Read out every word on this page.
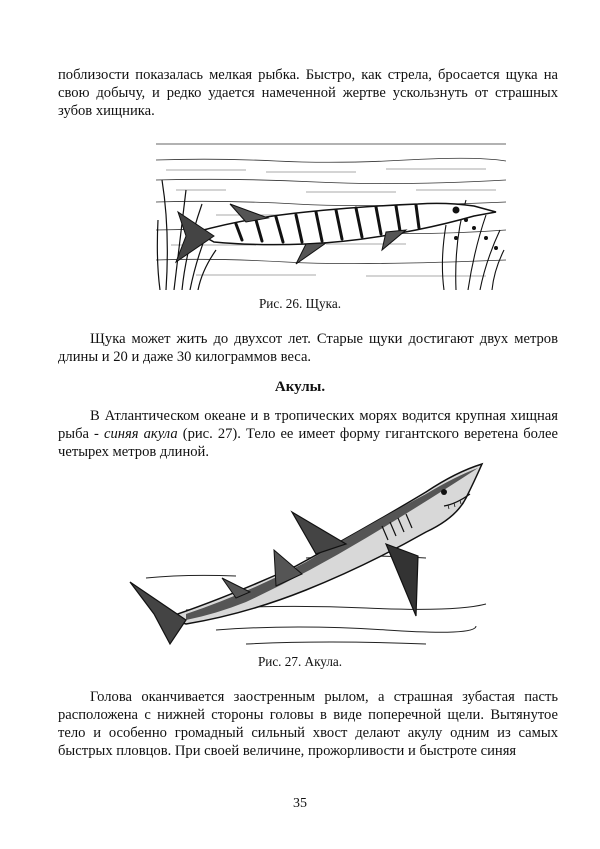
поблизости показалась мелкая рыбка. Быстро, как стрела, бросается щука на свою добычу, и редко удается намеченной жертве ускользнуть от страшных зубов хищника.

Рис. 26. Щука.

Щука может жить до двухсот лет. Старые щуки достигают двух метров длины и 20 и даже 30 килограммов веса.

Акулы.

В Атлантическом океане и в тропических морях водится крупная хищная рыба - синяя акула (рис. 27). Тело ее имеет форму гигантского веретена более четырех метров длиной.

Рис. 27. Акула.

Голова оканчивается заостренным рылом, а страшная зубастая пасть расположена с нижней стороны головы в виде поперечной щели. Вытянутое тело и особенно громадный сильный хвост делают акулу одним из самых быстрых пловцов. При своей величине, прожорливости и быстроте синяя

35
